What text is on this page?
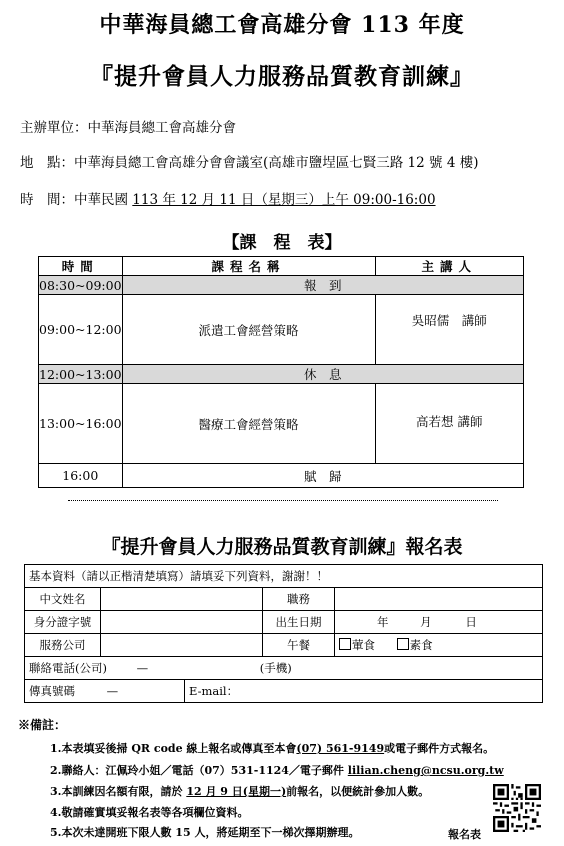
中華海員總工會高雄分會 113 年度
『提升會員人力服務品質教育訓練』
主辦單位：中華海員總工會高雄分會
地　點：中華海員總工會高雄分會會議室(高雄市鹽埕區七賢三路 12 號 4 樓)
時　間：中華民國 113 年 12 月 11 日（星期三）上午 09:00-16:00
【課　程　表】
時間	課程名稱	主講人
08:30~09:00	報　到	
09:00~12:00	派遣工會經營策略	吳昭儒　講師
12:00~13:00	休　息	
13:00~16:00	醫療工會經營策略	高若想 講師
16:00	賦　歸	
『提升會員人力服務品質教育訓練』報名表
基本資料（請以正楷清楚填寫）請填妥下列資料，謝謝！！				
中文姓名			職務	
身分證字號			出生日期	年 月 日
服務公司			午餐	葷食 素食
聯絡電話(公司) — (手機)				
傳真號碼 —		E-mail：		
※備註：
1.本表填妥後掃 QR code 線上報名或傳真至本會(07) 561-9149或電子郵件方式報名。
2.聯絡人：江佩玲小姐／電話（07）531-1124／電子郵件 lilian.cheng@ncsu.org.tw
3.本訓練因名額有限，請於 12 月 9 日(星期一)前報名，以便統計參加人數。
4.敬請確實填妥報名表等各項欄位資料。
5.本次未達開班下限人數 15 人，將延期至下一梯次擇期辦理。	報名表
